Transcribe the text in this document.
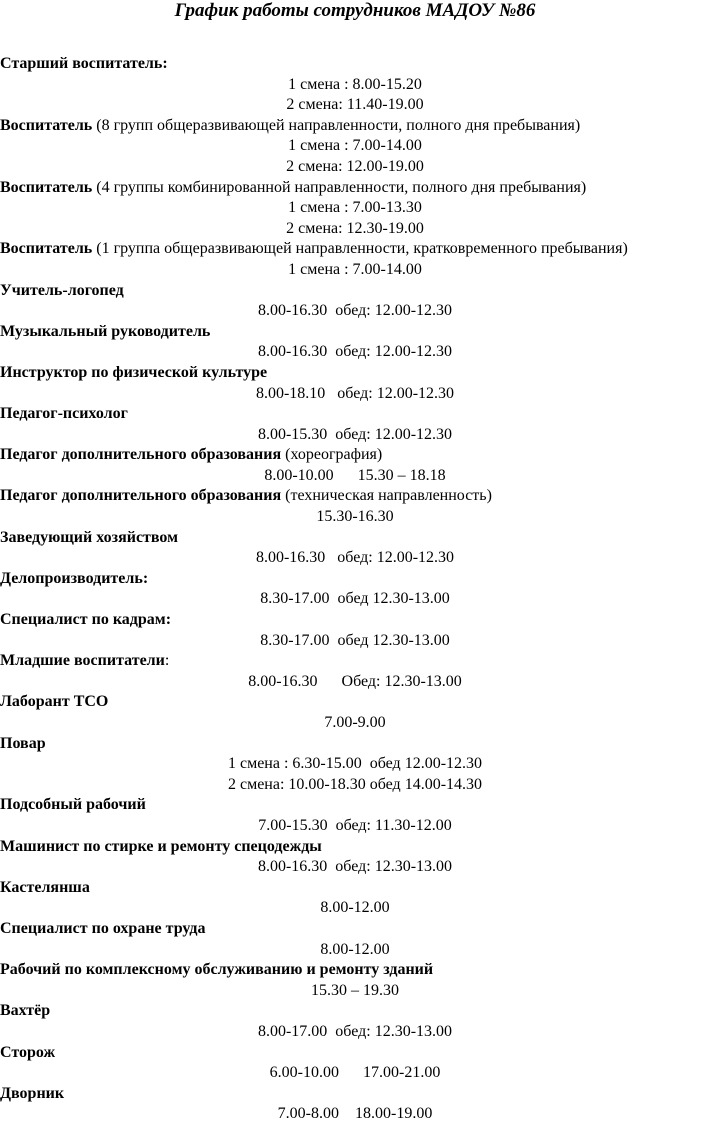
График работы сотрудников МАДОУ №86
Старший воспитатель:
1 смена : 8.00-15.20
2 смена: 11.40-19.00
Воспитатель (8 групп общеразвивающей направленности, полного дня пребывания)
1 смена : 7.00-14.00
2 смена: 12.00-19.00
Воспитатель (4 группы комбинированной направленности, полного дня пребывания)
1 смена : 7.00-13.30
2 смена: 12.30-19.00
Воспитатель (1 группа общеразвивающей направленности, кратковременного пребывания)
1 смена : 7.00-14.00
Учитель-логопед
8.00-16.30  обед: 12.00-12.30
Музыкальный руководитель
8.00-16.30  обед: 12.00-12.30
Инструктор по физической культуре
8.00-18.10   обед: 12.00-12.30
Педагог-психолог
8.00-15.30  обед: 12.00-12.30
Педагог дополнительного образования (хореография)
8.00-10.00      15.30 – 18.18
Педагог дополнительного образования (техническая направленность)
15.30-16.30
Заведующий хозяйством
8.00-16.30   обед: 12.00-12.30
Делопроизводитель:
8.30-17.00  обед 12.30-13.00
Специалист по кадрам:
8.30-17.00  обед 12.30-13.00
Младшие воспитатели:
8.00-16.30      Обед: 12.30-13.00
Лаборант ТСО
7.00-9.00
Повар
1 смена : 6.30-15.00  обед 12.00-12.30
2 смена: 10.00-18.30 обед 14.00-14.30
Подсобный рабочий
7.00-15.30  обед: 11.30-12.00
Машинист по стирке и ремонту спецодежды
8.00-16.30  обед: 12.30-13.00
Кастелянша
8.00-12.00
Специалист по охране труда
8.00-12.00
Рабочий по комплексному обслуживанию и ремонту зданий
15.30 – 19.30
Вахтёр
8.00-17.00  обед: 12.30-13.00
Сторож
6.00-10.00      17.00-21.00
Дворник
7.00-8.00    18.00-19.00
